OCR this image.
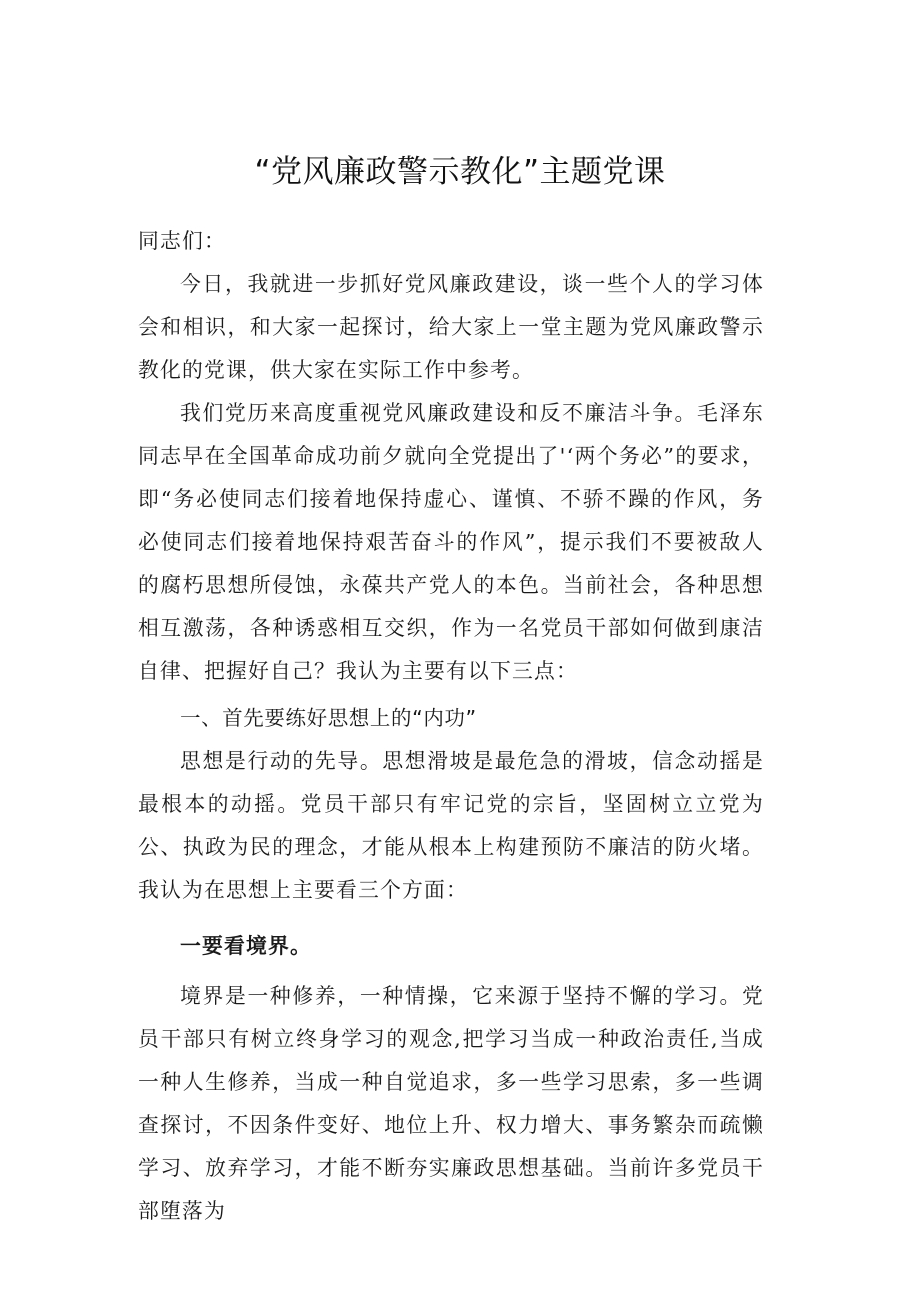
“党风廉政警示教化”主题党课

同志们：

今日，我就进一步抓好党风廉政建设，谈一些个人的学习体会和相识，和大家一起探讨，给大家上一堂主题为党风廉政警示教化的党课，供大家在实际工作中参考。

我们党历来高度重视党风廉政建设和反不廉洁斗争。毛泽东同志早在全国革命成功前夕就向全党提出了'‘两个务必”的要求，即“务必使同志们接着地保持虚心、谨慎、不骄不躁的作风，务必使同志们接着地保持艰苦奋斗的作风”，提示我们不要被敌人的腐朽思想所侵蚀，永葆共产党人的本色。当前社会，各种思想相互激荡，各种诱惑相互交织，作为一名党员干部如何做到康洁自律、把握好自己？我认为主要有以下三点：

一、首先要练好思想上的“内功”

思想是行动的先导。思想滑坡是最危急的滑坡，信念动摇是最根本的动摇。党员干部只有牢记党的宗旨，坚固树立立党为公、执政为民的理念，才能从根本上构建预防不廉洁的防火堵。我认为在思想上主要看三个方面：

一要看境界。

境界是一种修养，一种情操，它来源于坚持不懈的学习。党员干部只有树立终身学习的观念,把学习当成一种政治责任,当成一种人生修养，当成一种自觉追求，多一些学习思索，多一些调查探讨，不因条件变好、地位上升、权力增大、事务繁杂而疏懒学习、放弃学习，才能不断夯实廉政思想基础。当前许多党员干部堕落为
